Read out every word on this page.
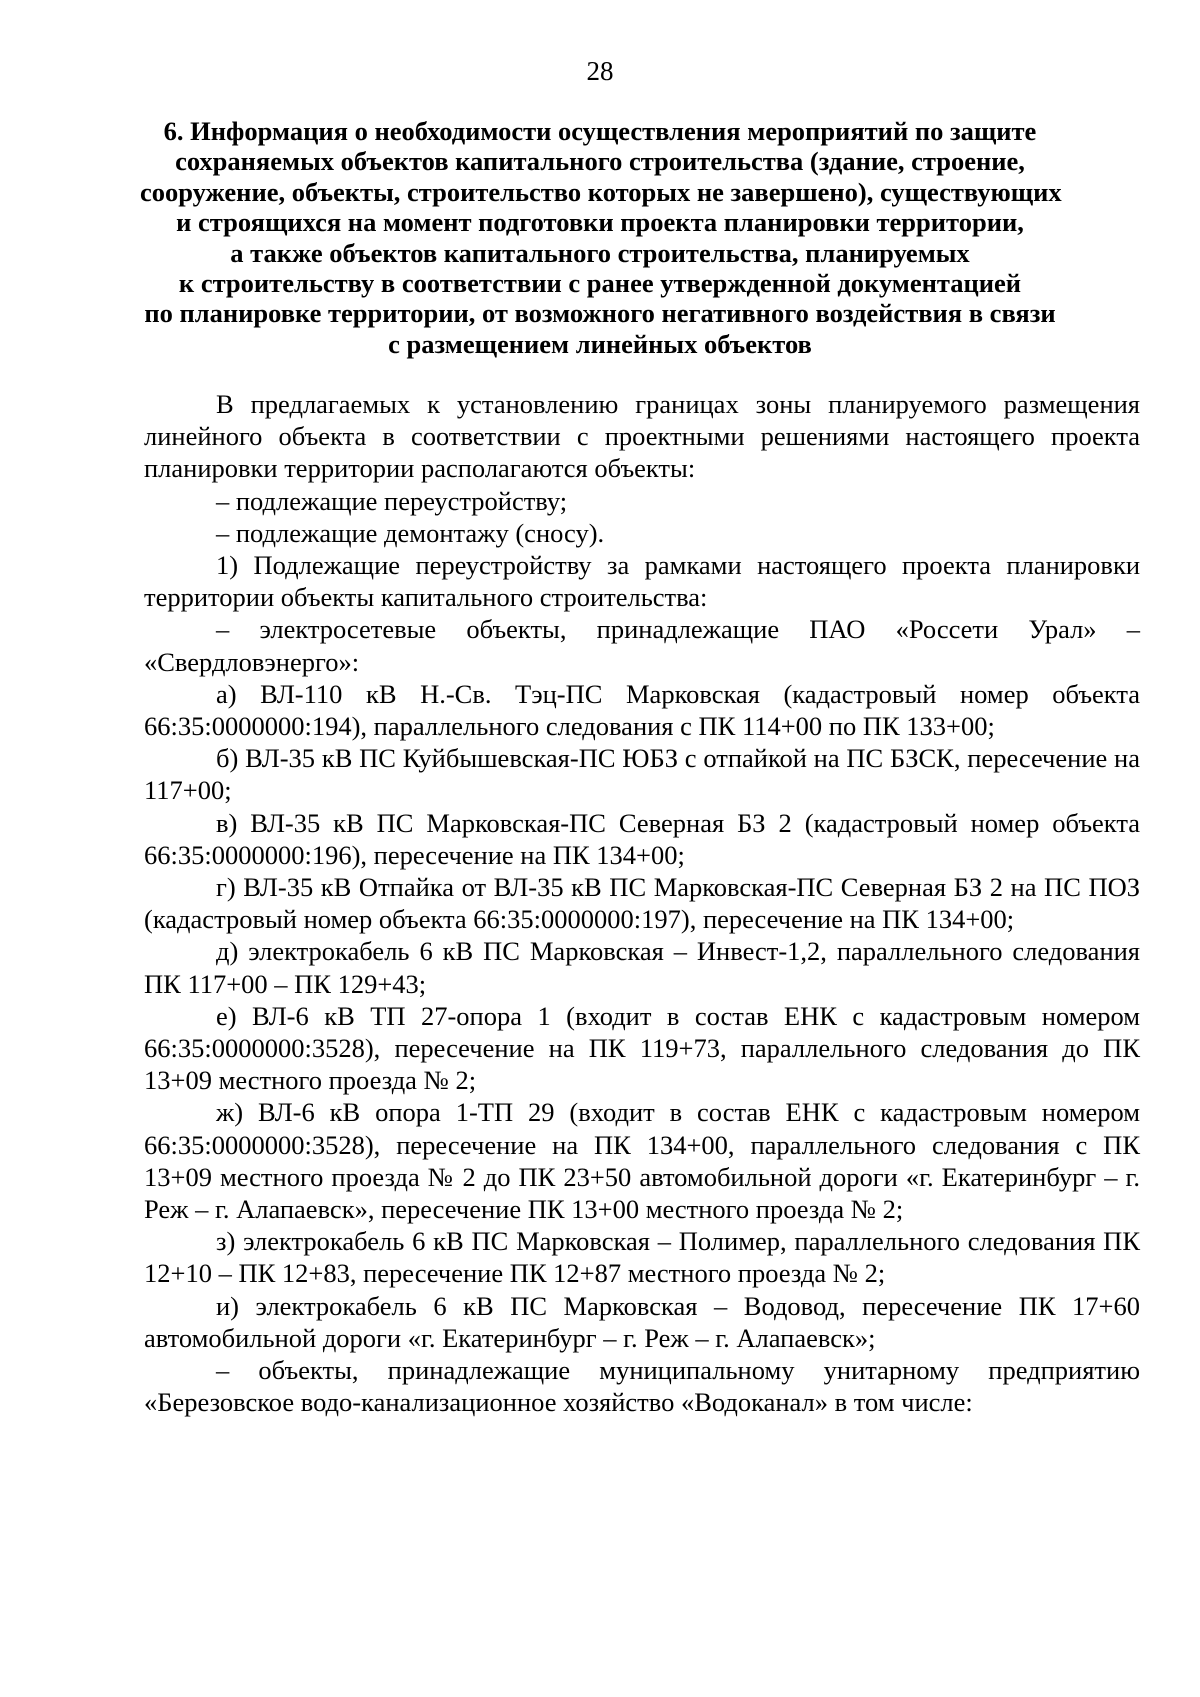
28
6. Информация о необходимости осуществления мероприятий по защите
сохраняемых объектов капитального строительства (здание, строение,
сооружение, объекты, строительство которых не завершено), существующих
и строящихся на момент подготовки проекта планировки территории,
а также объектов капитального строительства, планируемых
к строительству в соответствии с ранее утвержденной документацией
по планировке территории, от возможного негативного воздействия в связи
с размещением линейных объектов

В предлагаемых к установлению границах зоны планируемого размещения линейного объекта в соответствии с проектными решениями настоящего проекта планировки территории располагаются объекты:

– подлежащие переустройству;

– подлежащие демонтажу (сносу).

1) Подлежащие переустройству за рамками настоящего проекта планировки территории объекты капитального строительства:

– электросетевые объекты, принадлежащие ПАО «Россети Урал» – «Свердловэнерго»:

а) ВЛ-110 кВ Н.-Св. Тэц-ПС Марковская (кадастровый номер объекта 66:35:0000000:194), параллельного следования с ПК 114+00 по ПК 133+00;

б) ВЛ-35 кВ ПС Куйбышевская-ПС ЮБЗ с отпайкой на ПС БЗСК, пересечение на 117+00;

в) ВЛ-35 кВ ПС Марковская-ПС Северная БЗ 2 (кадастровый номер объекта 66:35:0000000:196), пересечение на ПК 134+00;

г) ВЛ-35 кВ Отпайка от ВЛ-35 кВ ПС Марковская-ПС Северная БЗ 2 на ПС ПОЗ (кадастровый номер объекта 66:35:0000000:197), пересечение на ПК 134+00;

д) электрокабель 6 кВ ПС Марковская – Инвест-1,2, параллельного следования ПК 117+00 – ПК 129+43;

е) ВЛ-6 кВ ТП 27-опора 1 (входит в состав ЕНК с кадастровым номером 66:35:0000000:3528), пересечение на ПК 119+73, параллельного следования до ПК 13+09 местного проезда № 2;

ж) ВЛ-6 кВ опора 1-ТП 29 (входит в состав ЕНК с кадастровым номером 66:35:0000000:3528), пересечение на ПК 134+00, параллельного следования с ПК 13+09 местного проезда № 2 до ПК 23+50 автомобильной дороги «г. Екатеринбург – г. Реж – г. Алапаевск», пересечение ПК 13+00 местного проезда № 2;

з) электрокабель 6 кВ ПС Марковская – Полимер, параллельного следования ПК 12+10 – ПК 12+83, пересечение ПК 12+87 местного проезда № 2;

и) электрокабель 6 кВ ПС Марковская – Водовод, пересечение ПК 17+60 автомобильной дороги «г. Екатеринбург – г. Реж – г. Алапаевск»;

– объекты, принадлежащие муниципальному унитарному предприятию «Березовское водо-канализационное хозяйство «Водоканал» в том числе:
